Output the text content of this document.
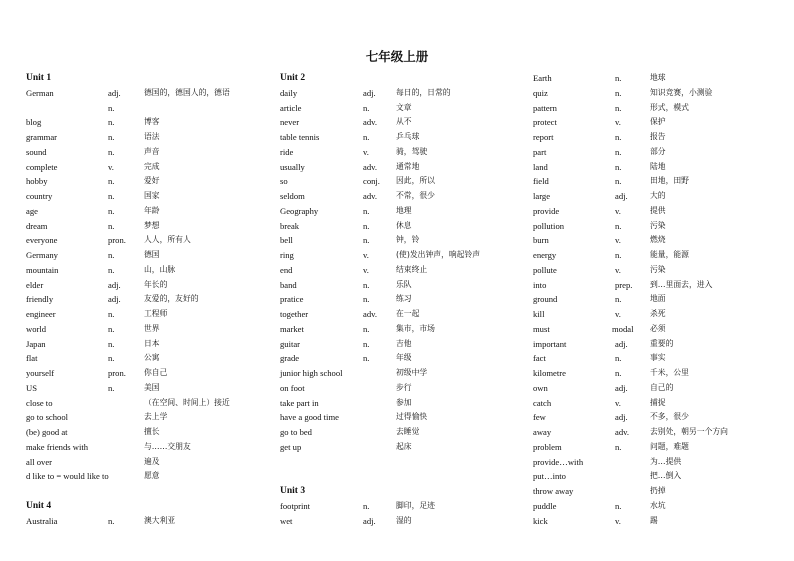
七年级上册
Unit 1
German	adj.	德国的，德国人的，德语
n.
blog	n.	博客
grammar	n.	语法
sound	n.	声音
complete	v.	完成
hobby	n.	爱好
country	n.	国家
age	n.	年龄
dream	n.	梦想
everyone	pron. 人人，所有人
Germany	n.	德国
mountain	n.	山，山脉
elder	adj.	年长的
friendly	adj.	友爱的，友好的
engineer	n.	工程师
world	n.	世界
Japan	n.	日本
flat	n.	公寓
yourself	pron. 你自己
US	n.	美国
close to	（在空间、时间上）接近
go to school	去上学
(be) good at	擅长
make friends with	与……交朋友
all over	遍及
d like to = would like to	愿意
Unit 4
Australia	n.	澳大利亚
Unit 2
daily	adj.	每日的，日常的
article	n.	文章
never	adv. 从不
table tennis	n.	乒乓球
ride	v.	骑，驾驶
usually	adv. 通常地
so	conj. 因此，所以
seldom	adv. 不常，很少
Geography	n.	地理
break	n.	休息
bell	n.	钟，铃
ring	v.	(使)发出钟声，响起铃声
end	v.	结束终止
band	n.	乐队
pratice	n.	练习
together	adv. 在一起
market	n.	集市，市场
guitar	n.	吉他
grade	n.	年级
junior high school	初级中学
on foot	步行
take part in	参加
have a good time	过得愉快
go to bed	去睡觉
get up	起床
Unit 3
footprint	n.	脚印，足迹
wet	adj.	湿的
Earth	n.	地球
quiz	n.	知识竞赛，小测验
pattern	n.	形式，模式
protect	v.	保护
report	n.	报告
part	n.	部分
land	n.	陆地
field	n.	田地，田野
large	adj.	大的
provide	v.	提供
pollution	n.	污染
burn	v.	燃烧
energy	n.	能量，能源
pollute	v.	污染
into	prep. 到…里面去，进入
ground	n.	地面
kill	v.	杀死
must	modal 必须
important	adj.	重要的
fact	n.	事实
kilometre	n.	千米，公里
own	adj.	自己的
catch	v.	捕捉
few	adj.	不多，很少
away	adv.	去别处，朝另一个方向
problem	n.	问题，难题
provide…with	为…提供
put…into	把…倒入
throw away	扔掉
puddle	n.	水坑
kick	v.	踢
